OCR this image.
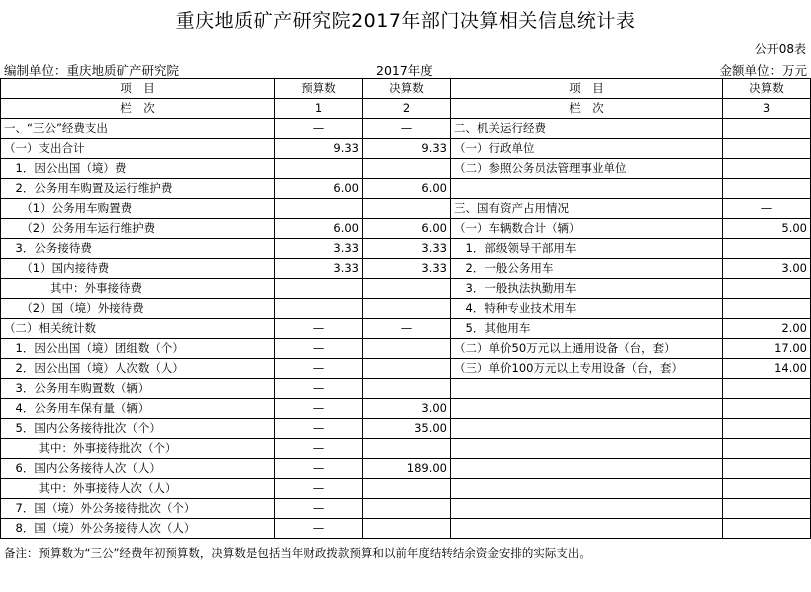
重庆地质矿产研究院2017年部门决算相关信息统计表
公开08表
编制单位：重庆地质矿产研究院	2017年度	金额单位：万元
项　目	预算数	决算数	项　目	决算数
栏　次	1	2	栏　次	3
一、“三公”经费支出	—	—	二、机关运行经费	
（一）支出合计	9.33	9.33	（一）行政单位	
　1．因公出国（境）费			（二）参照公务员法管理事业单位	
　2．公务用车购置及运行维护费	6.00	6.00		
　　（1）公务用车购置费			三、国有资产占用情况	—
　　（2）公务用车运行维护费	6.00	6.00	（一）车辆数合计（辆）	5.00
　3．公务接待费	3.33	3.33	　1．部级领导干部用车	
　　（1）国内接待费	3.33	3.33	　2．一般公务用车	3.00
　　　　其中：外事接待费			　3．一般执法执勤用车	
　　（2）国（境）外接待费			　4．特种专业技术用车	
（二）相关统计数	—	—	　5．其他用车	2.00
　1．因公出国（境）团组数（个）	—		（二）单价50万元以上通用设备（台，套）	17.00
　2．因公出国（境）人次数（人）	—		（三）单价100万元以上专用设备（台，套）	14.00
　3．公务用车购置数（辆）	—			
　4．公务用车保有量（辆）	—	3.00		
　5．国内公务接待批次（个）	—	35.00		
　　　其中：外事接待批次（个）	—			
　6．国内公务接待人次（人）	—	189.00		
　　　其中：外事接待人次（人）	—			
　7．国（境）外公务接待批次（个）	—			
　8．国（境）外公务接待人次（人）	—			
备注：预算数为“三公”经费年初预算数，决算数是包括当年财政拨款预算和以前年度结转结余资金安排的实际支出。
